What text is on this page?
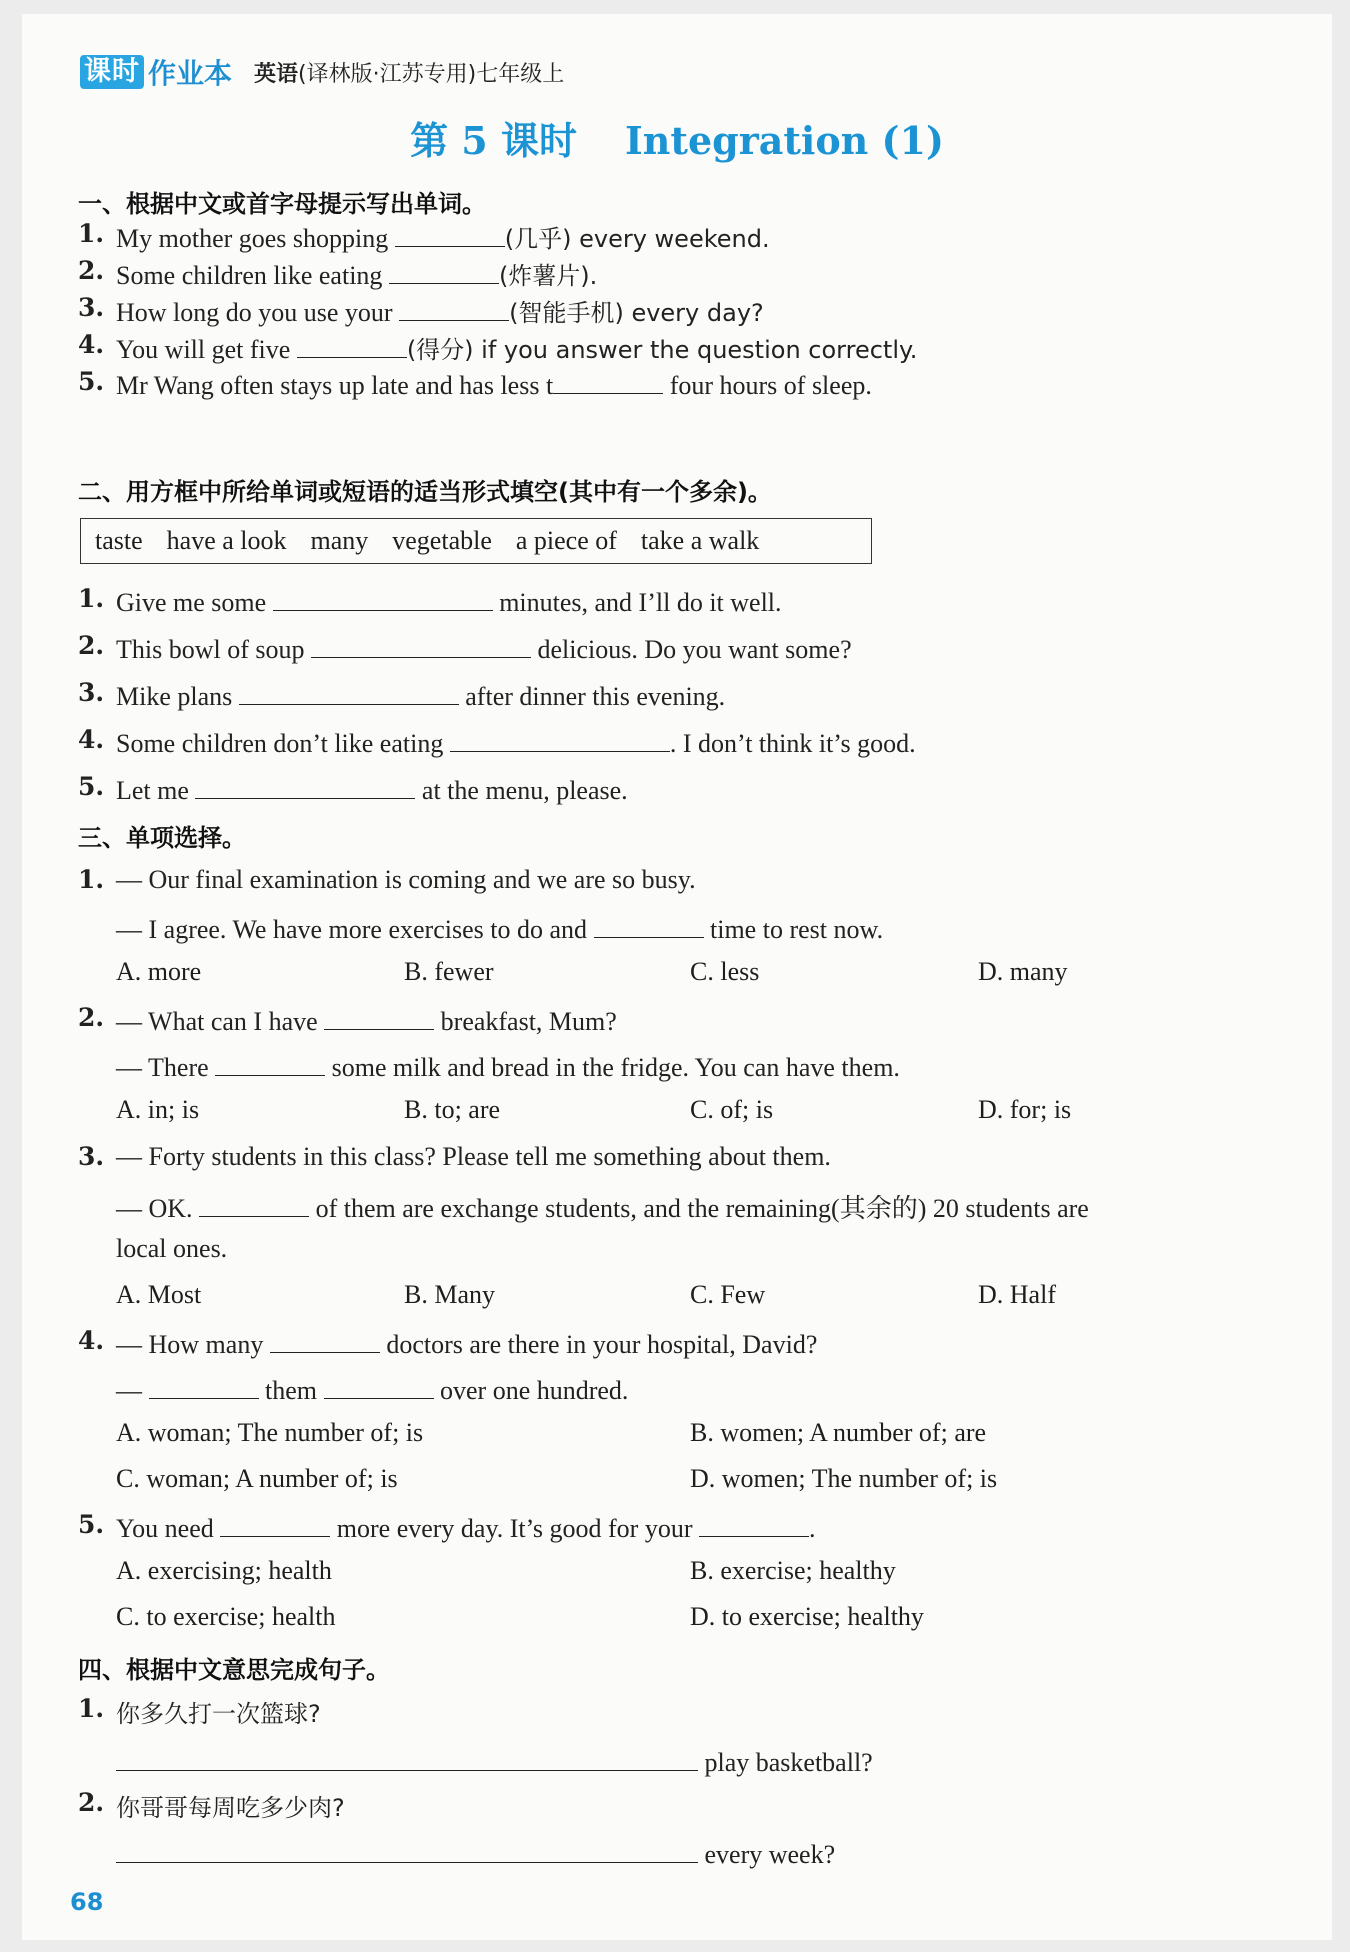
课时 作业本 英语(译林版·江苏专用)七年级上
第 5 课时 Integration (1)
一、根据中文或首字母提示写出单词。
1. My mother goes shopping	(几乎) every weekend.
2. Some children like eating	(炸薯片).
3. How long do you use your	(智能手机) every day?
4. You will get five	(得分) if you answer the question correctly.
5. Mr Wang often stays up late and has less t	four hours of sleep.
二、用方框中所给单词或短语的适当形式填空(其中有一个多余)。
taste have a look many vegetable a piece of take a walk
1. Give me some	minutes, and I’ll do it well.
2. This bowl of soup	delicious. Do you want some?
3. Mike plans	after dinner this evening.
4. Some children don’t like eating	. I don’t think it’s good.
5. Let me	at the menu, please.
三、单项选择。
1. — Our final examination is coming and we are so busy.
— I agree. We have more exercises to do and	time to rest now.
A. more	B. fewer	C. less	D. many
2. — What can I have	breakfast, Mum?
— There	some milk and bread in the fridge. You can have them.
A. in; is	B. to; are	C. of; is	D. for; is
3. — Forty students in this class? Please tell me something about them.
— OK.	of them are exchange students, and the remaining(其余的) 20 students are
local ones.
A. Most	B. Many	C. Few	D. Half
4. — How many	doctors are there in your hospital, David?
—	them	over one hundred.
A. woman; The number of; is	B. women; A number of; are
C. woman; A number of; is	D. women; The number of; is
5. You need	more every day. It’s good for your	.
A. exercising; health	B. exercise; healthy
C. to exercise; health	D. to exercise; healthy
四、根据中文意思完成句子。
1. 你多久打一次篮球?
play basketball?
2. 你哥哥每周吃多少肉?
every week?
68
